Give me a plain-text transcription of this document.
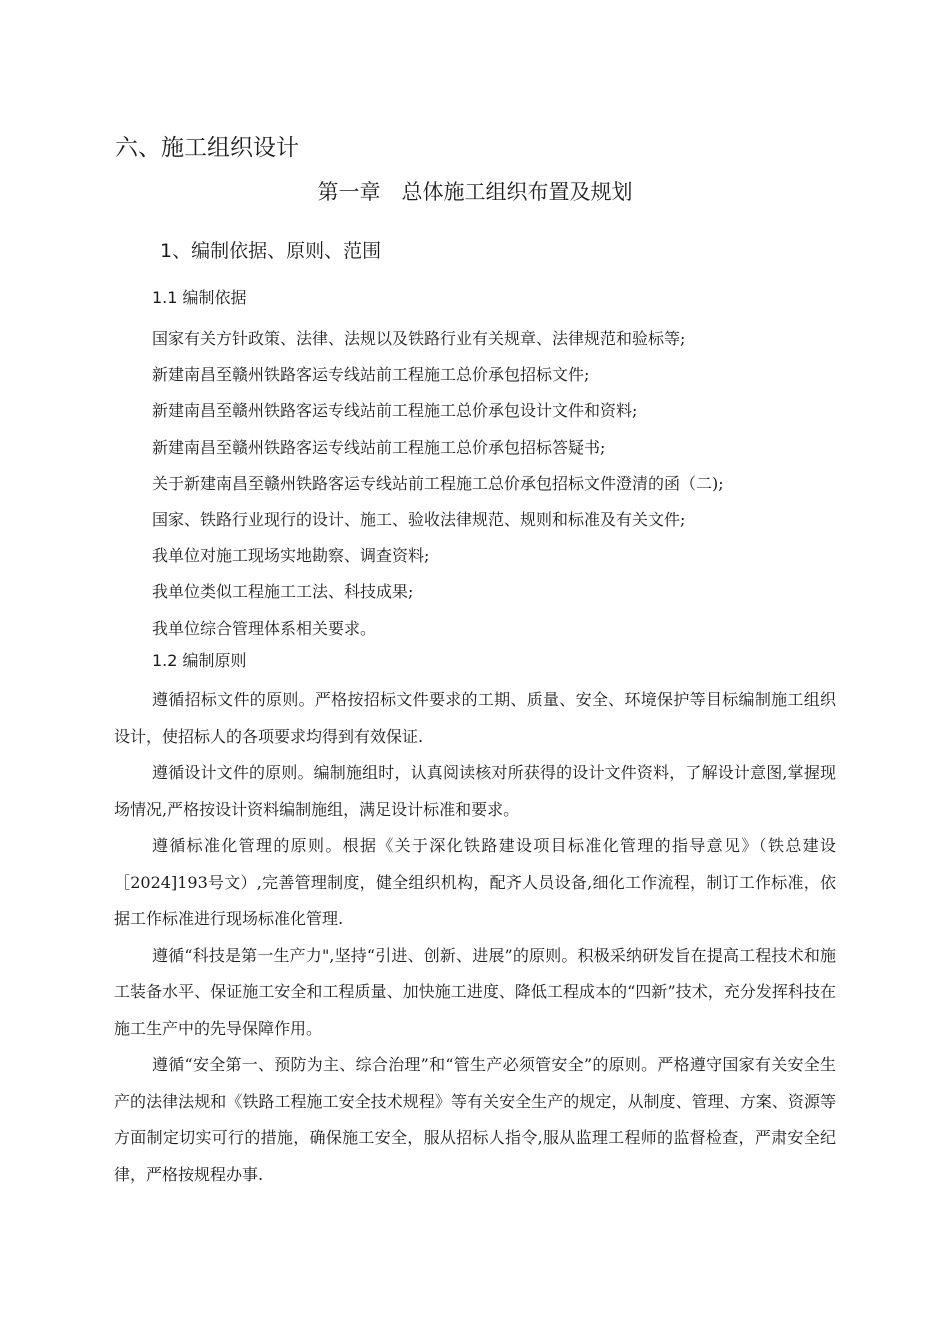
六、施工组织设计
第一章　总体施工组织布置及规划
1、编制依据、原则、范围
1.1 编制依据
国家有关方针政策、法律、法规以及铁路行业有关规章、法律规范和验标等;
新建南昌至赣州铁路客运专线站前工程施工总价承包招标文件;
新建南昌至赣州铁路客运专线站前工程施工总价承包设计文件和资料;
新建南昌至赣州铁路客运专线站前工程施工总价承包招标答疑书;
关于新建南昌至赣州铁路客运专线站前工程施工总价承包招标文件澄清的函（二);
国家、铁路行业现行的设计、施工、验收法律规范、规则和标准及有关文件;
我单位对施工现场实地勘察、调查资料;
我单位类似工程施工工法、科技成果;
我单位综合管理体系相关要求。
1.2 编制原则

遵循招标文件的原则。严格按招标文件要求的工期、质量、安全、环境保护等目标编制施工组织设计，使招标人的各项要求均得到有效保证.

遵循设计文件的原则。编制施组时，认真阅读核对所获得的设计文件资料，了解设计意图,掌握现场情况,严格按设计资料编制施组，满足设计标准和要求。

遵循标准化管理的原则。根据《关于深化铁路建设项目标准化管理的指导意见》（铁总建设［2024]193号文）,完善管理制度，健全组织机构，配齐人员设备,细化工作流程，制订工作标准，依据工作标准进行现场标准化管理.

遵循“科技是第一生产力",坚持“引进、创新、进展”的原则。积极采纳研发旨在提高工程技术和施工装备水平、保证施工安全和工程质量、加快施工进度、降低工程成本的“四新”技术，充分发挥科技在施工生产中的先导保障作用。

遵循“安全第一、预防为主、综合治理”和“管生产必须管安全”的原则。严格遵守国家有关安全生产的法律法规和《铁路工程施工安全技术规程》等有关安全生产的规定，从制度、管理、方案、资源等方面制定切实可行的措施，确保施工安全，服从招标人指令,服从监理工程师的监督检查，严肃安全纪律，严格按规程办事.
